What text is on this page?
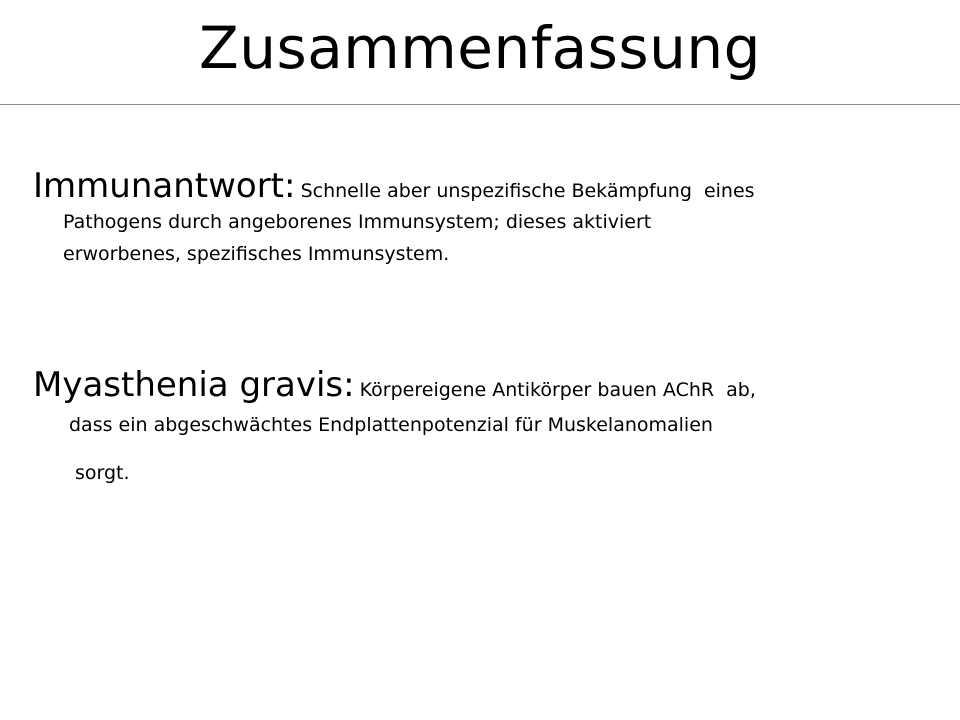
Zusammenfassung
Immunantwort: Schnelle aber unspezifische Bekämpfung  eines
Pathogens durch angeborenes Immunsystem; dieses aktiviert
erworbenes, spezifisches Immunsystem.
Myasthenia gravis: Körpereigene Antikörper bauen AChR  ab,
dass ein abgeschwächtes Endplattenpotenzial für Muskelanomalien
sorgt.
